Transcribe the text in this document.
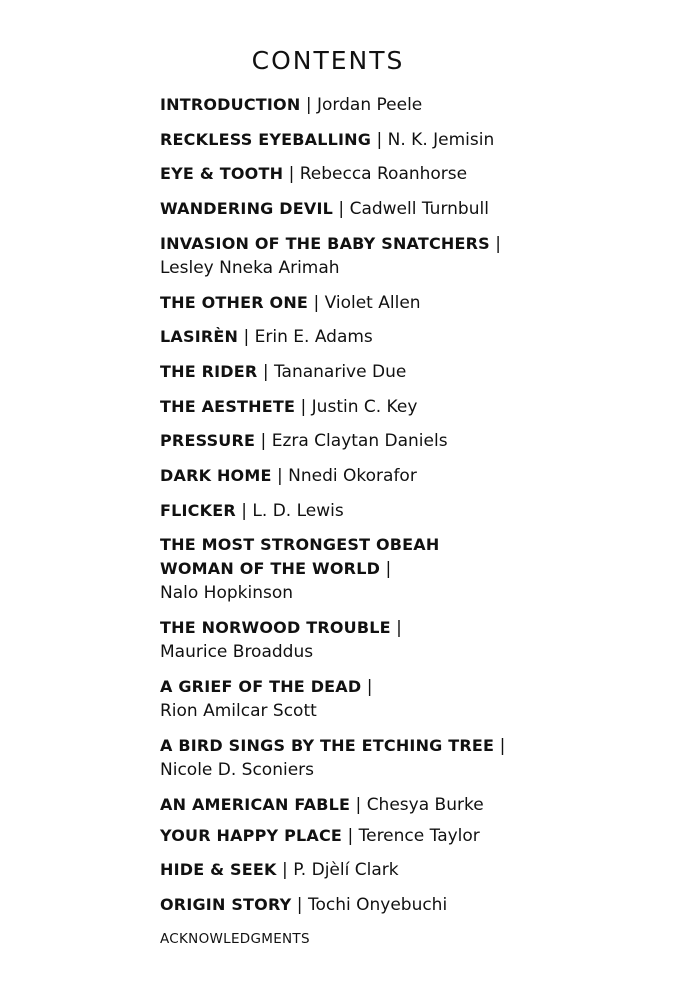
CONTENTS
INTRODUCTION | Jordan Peele
RECKLESS EYEBALLING | N. K. Jemisin
EYE & TOOTH | Rebecca Roanhorse
WANDERING DEVIL | Cadwell Turnbull
INVASION OF THE BABY SNATCHERS |
Lesley Nneka Arimah
THE OTHER ONE | Violet Allen
LASIRÈN | Erin E. Adams
THE RIDER | Tananarive Due
THE AESTHETE | Justin C. Key
PRESSURE | Ezra Claytan Daniels
DARK HOME | Nnedi Okorafor
FLICKER | L. D. Lewis
THE MOST STRONGEST OBEAH
WOMAN OF THE WORLD |
Nalo Hopkinson
THE NORWOOD TROUBLE |
Maurice Broaddus
A GRIEF OF THE DEAD |
Rion Amilcar Scott
A BIRD SINGS BY THE ETCHING TREE |
Nicole D. Sconiers
AN AMERICAN FABLE | Chesya Burke
YOUR HAPPY PLACE | Terence Taylor
HIDE & SEEK | P. Djèlí Clark
ORIGIN STORY | Tochi Onyebuchi
ACKNOWLEDGMENTS
